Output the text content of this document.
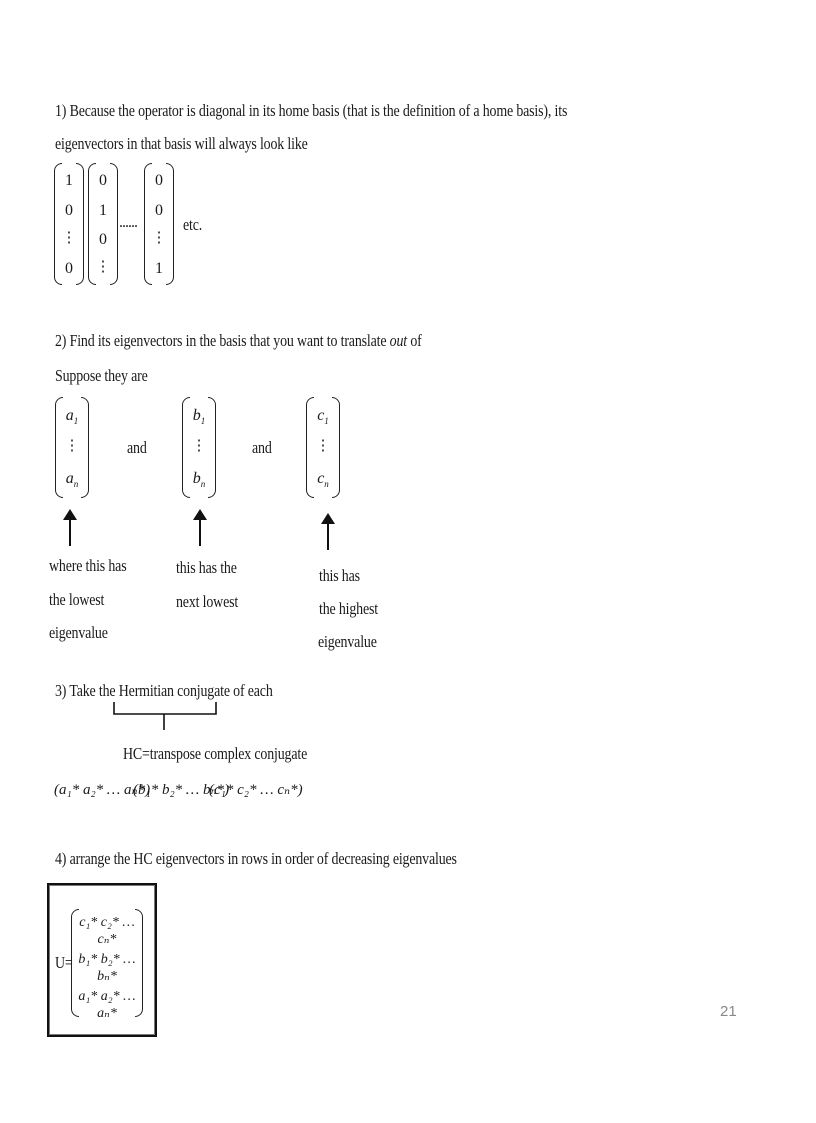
1) Because the operator is diagonal in its home basis (that is the definition of a home basis), its
eigenvectors in that basis will always look like
1
0
⋮
0
0
1
0
⋮
......
0
0
⋮
1
etc.
2) Find its eigenvectors in the basis that you want to translate out of
Suppose they are
$a_1$
⋮
$a_n$
and
$b_1$
⋮
$b_n$
and
$c_1$
⋮
$c_n$
where this has
the lowest
eigenvalue
this has the
next lowest
this has
the highest
eigenvalue
3) Take the Hermitian conjugate of each
HC=transpose complex conjugate
(a₁* a₂* … aₙ*)
(b₁* b₂* … bₙ*)
(c₁* c₂* … cₙ*)
4) arrange the HC eigenvectors in rows in order of decreasing eigenvalues
U=
c₁* c₂* … cₙ*
b₁* b₂* … bₙ*
a₁* a₂* … aₙ*	21
